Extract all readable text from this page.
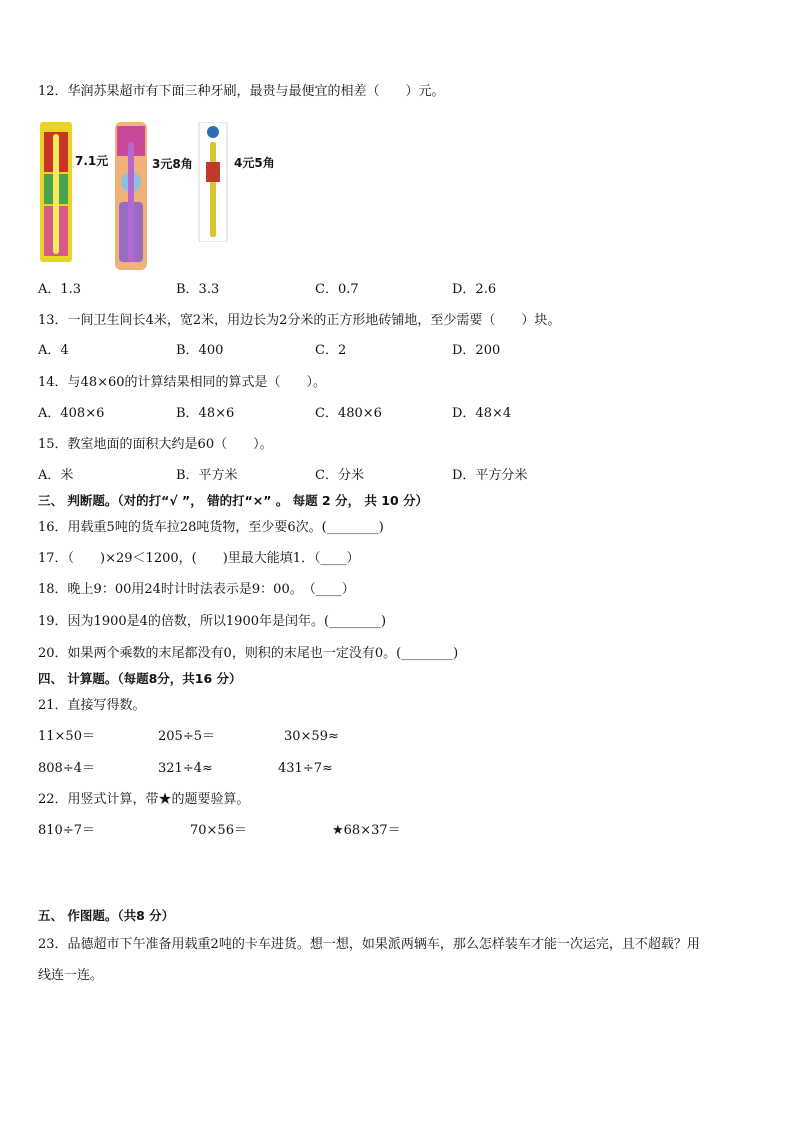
12．华润苏果超市有下面三种牙刷，最贵与最便宜的相差（　　）元。
7.1元	3元8角	4元5角
A．1.3	B．3.3	C．0.7	D．2.6
13．一间卫生间长4米，宽2米，用边长为2分米的正方形地砖铺地，至少需要（　　）块。
A．4	B．400	C．2	D．200
14．与48×60的计算结果相同的算式是（　　）。
A．408×6	B．48×6	C．480×6	D．48×4
15．教室地面的面积大约是60（　　）。
A．米	B．平方米	C．分米	D．平方分米
三、 判断题。（对的打“√ ”， 错的打“×” 。 每题 2 分， 共 10 分）
16．用载重5吨的货车拉28吨货物，至少要6次。(________)
17．（　　)×29＜1200，(　　)里最大能填1．（____）
18．晚上9：00用24时计时法表示是9：00。　（____）
19．因为1900是4的倍数，所以1900年是闰年。(________)
20．如果两个乘数的末尾都没有0，则积的末尾也一定没有0。(________)
四、 计算题。（每题8分，共16 分）
21．直接写得数。
11×50＝	205÷5＝	30×59≈
808÷4＝	321÷4≈	431÷7≈
22．用竖式计算，带★的题要验算。
810÷7＝	70×56＝	★68×37＝
五、 作图题。（共8 分）
23．品德超市下午准备用载重2吨的卡车进货。想一想，如果派两辆车，那么怎样装车才能一次运完，且不超载？用
线连一连。
